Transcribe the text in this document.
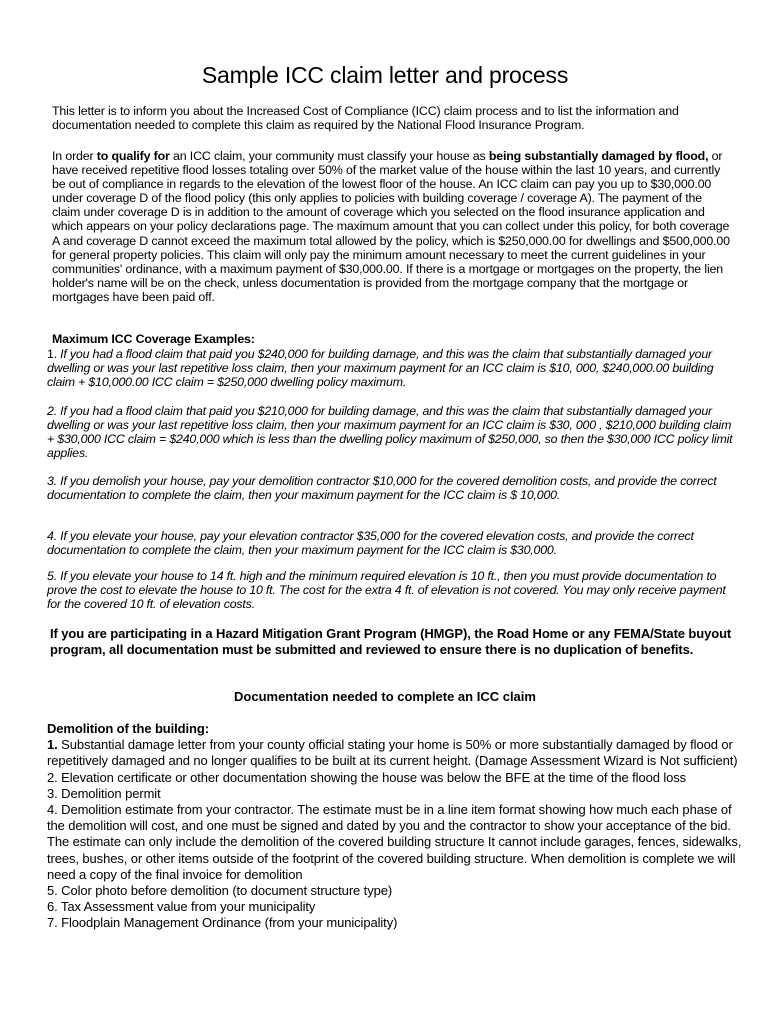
Sample ICC claim letter and process
This letter is to inform you about the Increased Cost of Compliance (ICC) claim process and to list the information and documentation needed to complete this claim as required by the National Flood Insurance Program.
In order to qualify for an ICC claim, your community must classify your house as being substantially damaged by flood, or have received repetitive flood losses totaling over 50% of the market value of the house within the last 10 years, and currently be out of compliance in regards to the elevation of the lowest floor of the house. An ICC claim can pay you up to $30,000.00 under coverage D of the flood policy (this only applies to policies with building coverage / coverage A). The payment of the claim under coverage D is in addition to the amount of coverage which you selected on the flood insurance application and which appears on your policy declarations page. The maximum amount that you can collect under this policy, for both coverage A and coverage D cannot exceed the maximum total allowed by the policy, which is $250,000.00 for dwellings and $500,000.00 for general property policies. This claim will only pay the minimum amount necessary to meet the current guidelines in your communities' ordinance, with a maximum payment of $30,000.00. If there is a mortgage or mortgages on the property, the lien holder's name will be on the check, unless documentation is provided from the mortgage company that the mortgage or mortgages have been paid off.
Maximum ICC Coverage Examples:
1. If you had a flood claim that paid you $240,000 for building damage, and this was the claim that substantially damaged your dwelling or was your last repetitive loss claim, then your maximum payment for an ICC claim is $10, 000, $240,000.00 building claim + $10,000.00 ICC claim = $250,000 dwelling policy maximum.
2. If you had a flood claim that paid you $210,000 for building damage, and this was the claim that substantially damaged your dwelling or was your last repetitive loss claim, then your maximum payment for an ICC claim is $30, 000 , $210,000 building claim + $30,000 ICC claim = $240,000 which is less than the dwelling policy maximum of $250,000, so then the $30,000 ICC policy limit applies.
3. If you demolish your house, pay your demolition contractor $10,000 for the covered demolition costs, and provide the correct documentation to complete the claim, then your maximum payment for the ICC claim is $ 10,000.
4. If you elevate your house, pay your elevation contractor $35,000 for the covered elevation costs, and provide the correct documentation to complete the claim, then your maximum payment for the ICC claim is $30,000.
5. If you elevate your house to 14 ft. high and the minimum required elevation is 10 ft., then you must provide documentation to prove the cost to elevate the house to 10 ft. The cost for the extra 4 ft. of elevation is not covered. You may only receive payment for the covered 10 ft. of elevation costs.
If you are participating in a Hazard Mitigation Grant Program (HMGP), the Road Home or any FEMA/State buyout program, all documentation must be submitted and reviewed to ensure there is no duplication of benefits.
Documentation needed to complete an ICC claim
Demolition of the building:
1. Substantial damage letter from your county official stating your home is 50% or more substantially damaged by flood or repetitively damaged and no longer qualifies to be built at its current height. (Damage Assessment Wizard is Not sufficient)
2. Elevation certificate or other documentation showing the house was below the BFE at the time of the flood loss
3. Demolition permit
4. Demolition estimate from your contractor. The estimate must be in a line item format showing how much each phase of the demolition will cost, and one must be signed and dated by you and the contractor to show your acceptance of the bid. The estimate can only include the demolition of the covered building structure It cannot include garages, fences, sidewalks, trees, bushes, or other items outside of the footprint of the covered building structure. When demolition is complete we will need a copy of the final invoice for demolition
5. Color photo before demolition (to document structure type)
6. Tax Assessment value from your municipality
7. Floodplain Management Ordinance (from your municipality)
